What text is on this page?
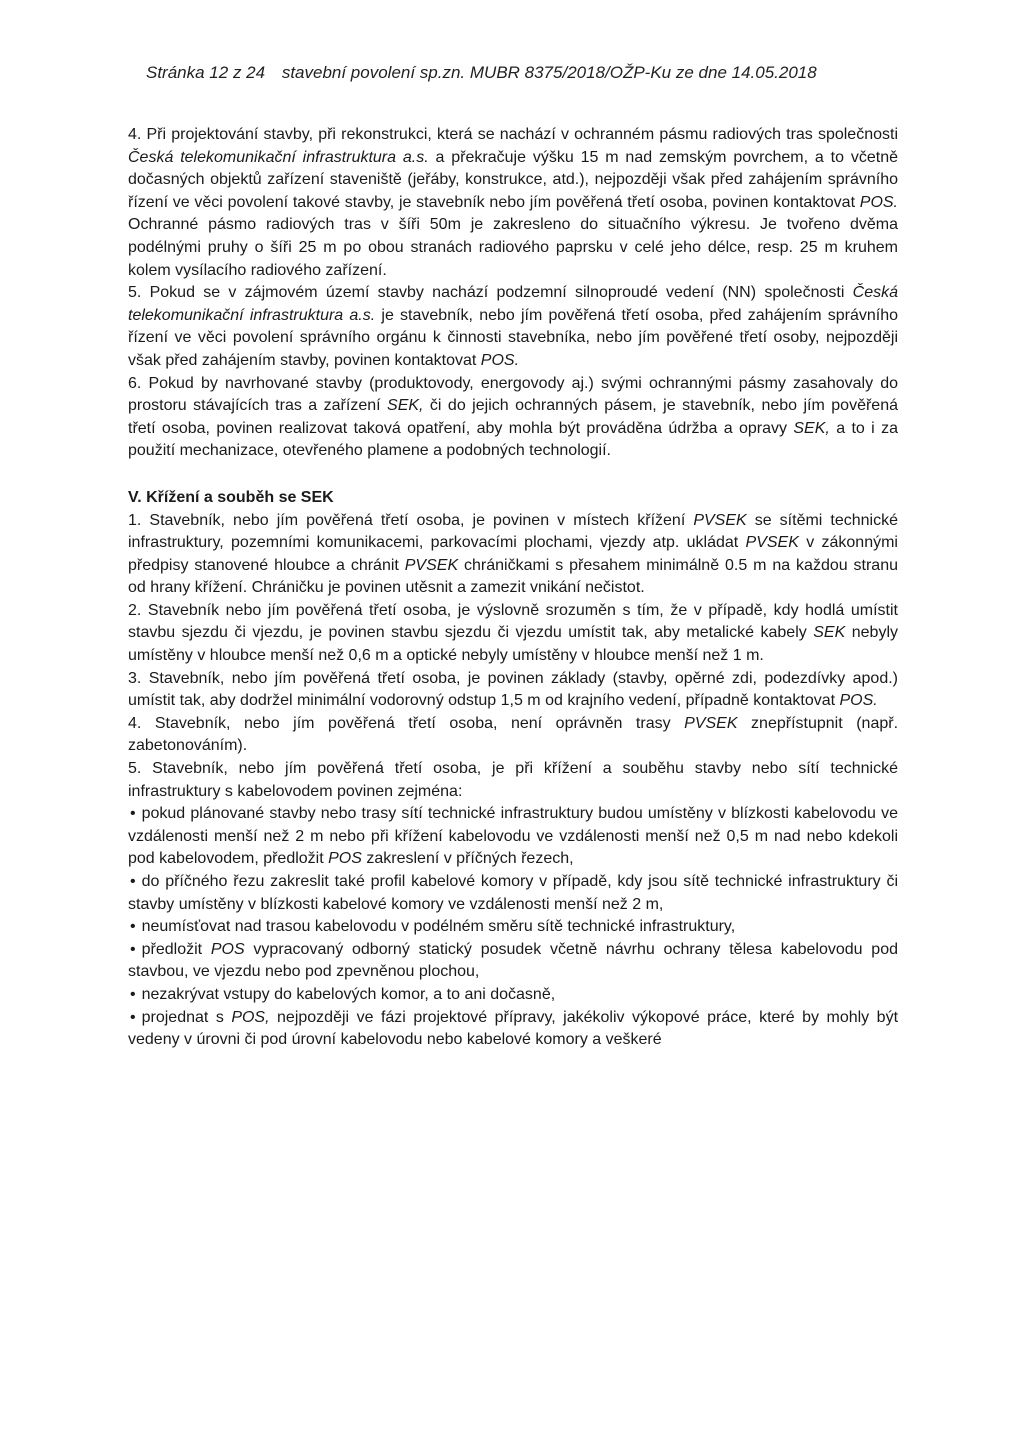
Stránka 12 z 24 stavební povolení sp.zn. MUBR 8375/2018/OŽP-Ku ze dne 14.05.2018

4. Při projektování stavby, při rekonstrukci, která se nachází v ochranném pásmu radiových tras společnosti Česká telekomunikační infrastruktura a.s. a překračuje výšku 15 m nad zemským povrchem, a to včetně dočasných objektů zařízení staveniště (jeřáby, konstrukce, atd.), nejpozději však před zahájením správního řízení ve věci povolení takové stavby, je stavebník nebo jím pověřená třetí osoba, povinen kontaktovat POS. Ochranné pásmo radiových tras v šíři 50m je zakresleno do situačního výkresu. Je tvořeno dvěma podélnými pruhy o šíři 25 m po obou stranách radiového paprsku v celé jeho délce, resp. 25 m kruhem kolem vysílacího radiového zařízení.

5. Pokud se v zájmovém území stavby nachází podzemní silnoproudé vedení (NN) společnosti Česká telekomunikační infrastruktura a.s. je stavebník, nebo jím pověřená třetí osoba, před zahájením správního řízení ve věci povolení správního orgánu k činnosti stavebníka, nebo jím pověřené třetí osoby, nejpozději však před zahájením stavby, povinen kontaktovat POS.

6. Pokud by navrhované stavby (produktovody, energovody aj.) svými ochrannými pásmy zasahovaly do prostoru stávajících tras a zařízení SEK, či do jejich ochranných pásem, je stavebník, nebo jím pověřená třetí osoba, povinen realizovat taková opatření, aby mohla být prováděna údržba a opravy SEK, a to i za použití mechanizace, otevřeného plamene a podobných technologií.

V. Křížení a souběh se SEK

1. Stavebník, nebo jím pověřená třetí osoba, je povinen v místech křížení PVSEK se sítěmi technické infrastruktury, pozemními komunikacemi, parkovacími plochami, vjezdy atp. ukládat PVSEK v zákonnými předpisy stanovené hloubce a chránit PVSEK chráničkami s přesahem minimálně 0.5 m na každou stranu od hrany křížení. Chráničku je povinen utěsnit a zamezit vnikání nečistot.

2. Stavebník nebo jím pověřená třetí osoba, je výslovně srozuměn s tím, že v případě, kdy hodlá umístit stavbu sjezdu či vjezdu, je povinen stavbu sjezdu či vjezdu umístit tak, aby metalické kabely SEK nebyly umístěny v hloubce menší než 0,6 m a optické nebyly umístěny v hloubce menší než 1 m.

3. Stavebník, nebo jím pověřená třetí osoba, je povinen základy (stavby, opěrné zdi, podezdívky apod.) umístit tak, aby dodržel minimální vodorovný odstup 1,5 m od krajního vedení, případně kontaktovat POS.

4. Stavebník, nebo jím pověřená třetí osoba, není oprávněn trasy PVSEK znepřístupnit (např. zabetonováním).

5. Stavebník, nebo jím pověřená třetí osoba, je při křížení a souběhu stavby nebo sítí technické infrastruktury s kabelovodem povinen zejména:

• pokud plánované stavby nebo trasy sítí technické infrastruktury budou umístěny v blízkosti kabelovodu ve vzdálenosti menší než 2 m nebo při křížení kabelovodu ve vzdálenosti menší než 0,5 m nad nebo kdekoli pod kabelovodem, předložit POS zakreslení v příčných řezech,

• do příčného řezu zakreslit také profil kabelové komory v případě, kdy jsou sítě technické infrastruktury či stavby umístěny v blízkosti kabelové komory ve vzdálenosti menší než 2 m,

• neumísťovat nad trasou kabelovodu v podélném směru sítě technické infrastruktury,

• předložit POS vypracovaný odborný statický posudek včetně návrhu ochrany tělesa kabelovodu pod stavbou, ve vjezdu nebo pod zpevněnou plochou,

• nezakrývat vstupy do kabelových komor, a to ani dočasně,

• projednat s POS, nejpozději ve fázi projektové přípravy, jakékoliv výkopové práce, které by mohly být vedeny v úrovni či pod úrovní kabelovodu nebo kabelové komory a veškeré
